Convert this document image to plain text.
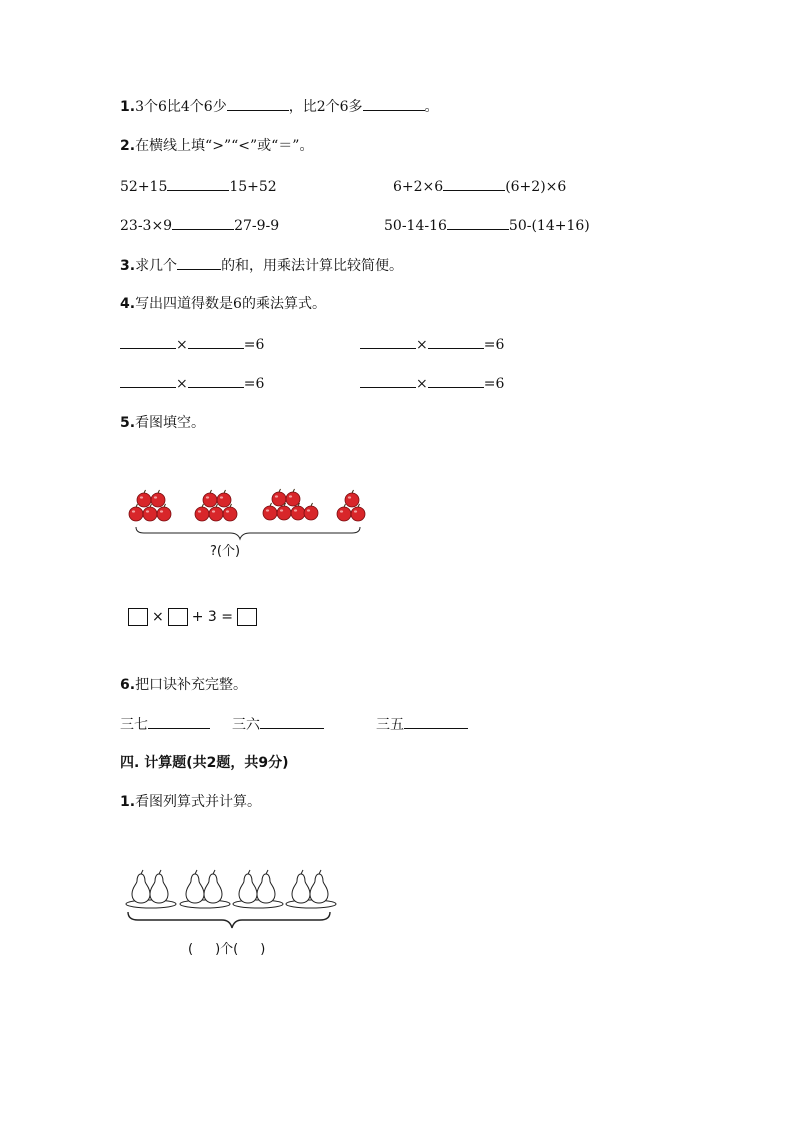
1.3个6比4个6少	，比2个6多	。
2.在横线上填“>”“<”或“＝”。
52+15	15+52	6+2×6	(6+2)×6
23-3×9	27-9-9	50-14-16	50-(14+16)
3.求几个	的和，用乘法计算比较简便。
4.写出四道得数是6的乘法算式。
×	=6	×	=6
×	=6	×	=6
5.看图填空。
?(个)
× + 3 =
6.把口诀补充完整。
三七	三六	三五
四. 计算题(共2题，共9分)
1.看图列算式并计算。
( )个( )
